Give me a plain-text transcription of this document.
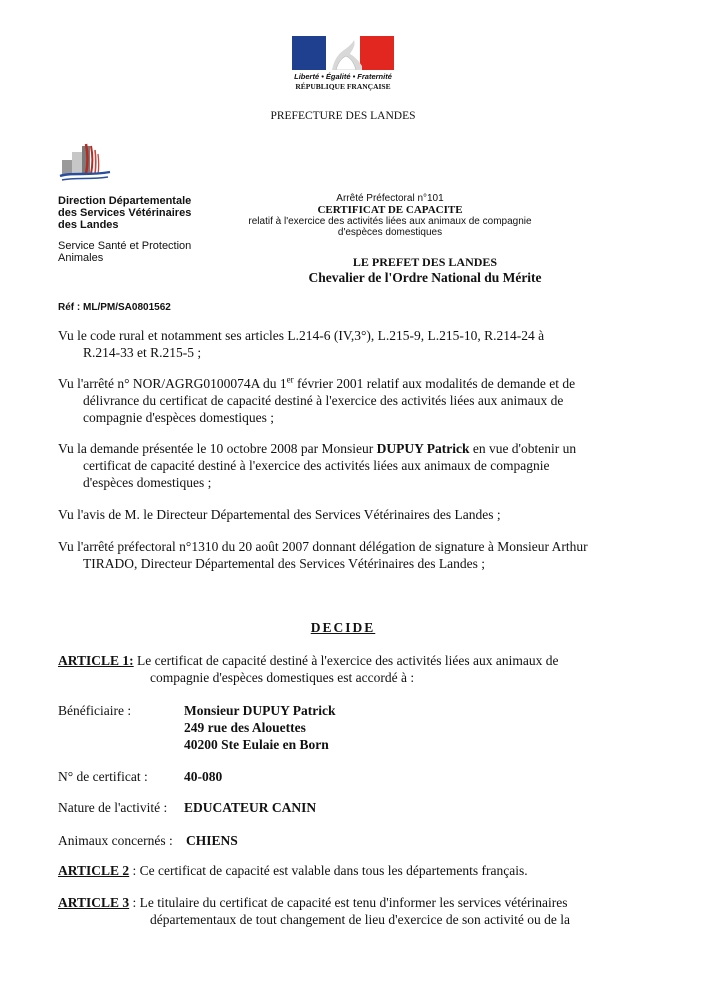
Liberté • Égalité • Fraternité
RÉPUBLIQUE FRANÇAISE
PREFECTURE DES LANDES
Direction Départementale
des Services Vétérinaires
des Landes
Service Santé et Protection
Animales
Réf : ML/PM/SA0801562
Arrêté Préfectoral n°101
CERTIFICAT DE CAPACITE
relatif à l'exercice des activités liées aux animaux de compagnie
d'espèces domestiques
LE PREFET DES LANDES
Chevalier de l'Ordre National du Mérite
Vu le code rural et notamment ses articles L.214-6 (IV,3°), L.215-9, L.215-10, R.214-24 à
R.214-33 et R.215-5 ;
Vu l'arrêté n° NOR/AGRG0100074A du 1er février 2001 relatif aux modalités de demande et de
délivrance du certificat de capacité destiné à l'exercice des activités liées aux animaux de
compagnie d'espèces domestiques ;
Vu la demande présentée le 10 octobre 2008 par Monsieur DUPUY Patrick en vue d'obtenir un
certificat de capacité destiné à l'exercice des activités liées aux animaux de compagnie
d'espèces domestiques ;
Vu l'avis de M. le Directeur Départemental des Services Vétérinaires des Landes ;
Vu l'arrêté préfectoral n°1310 du 20 août 2007 donnant délégation de signature à Monsieur Arthur
TIRADO, Directeur Départemental des Services Vétérinaires des Landes ;
DECIDE
ARTICLE 1: Le certificat de capacité destiné à l'exercice des activités liées aux animaux de
compagnie d'espèces domestiques est accordé à :
Bénéficiaire :	Monsieur DUPUY Patrick
249 rue des Alouettes
40200 Ste Eulaie en Born
N° de certificat :	40-080
Nature de l'activité : EDUCATEUR CANIN
Animaux concernés : CHIENS
ARTICLE 2 : Ce certificat de capacité est valable dans tous les départements français.
ARTICLE 3 : Le titulaire du certificat de capacité est tenu d'informer les services vétérinaires
départementaux de tout changement de lieu d'exercice de son activité ou de la
